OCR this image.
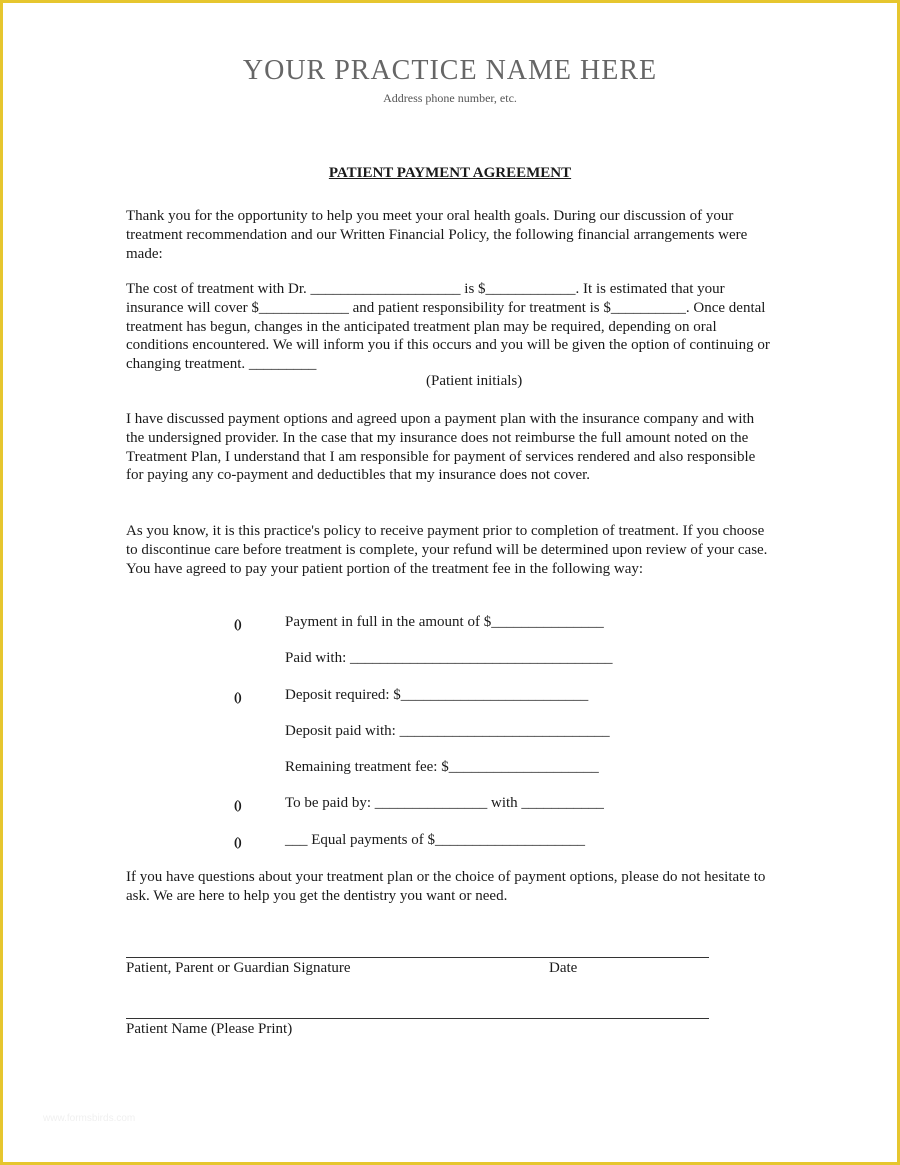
YOUR PRACTICE NAME HERE
Address phone number, etc.
PATIENT PAYMENT AGREEMENT

Thank you for the opportunity to help you meet your oral health goals. During our discussion of your treatment recommendation and our Written Financial Policy, the following financial arrangements were made:

The cost of treatment with Dr. ____________________ is $____________. It is estimated that your insurance will cover $____________ and patient responsibility for treatment is $__________. Once dental treatment has begun, changes in the anticipated treatment plan may be required, depending on oral conditions encountered. We will inform you if this occurs and you will be given the option of continuing or changing treatment. _________

(Patient initials)

I have discussed payment options and agreed upon a payment plan with the insurance company and with the undersigned provider. In the case that my insurance does not reimburse the full amount noted on the Treatment Plan, I understand that I am responsible for payment of services rendered and also responsible for paying any co-payment and deductibles that my insurance does not cover.

As you know, it is this practice's policy to receive payment prior to completion of treatment. If you choose to discontinue care before treatment is complete, your refund will be determined upon review of your case. You have agreed to pay your patient portion of the treatment fee in the following way:

()	Payment in full in the amount of $_______________
Paid with: ___________________________________
()	Deposit required: $_________________________
Deposit paid with: ____________________________
Remaining treatment fee: $____________________
()	To be paid by: _______________ with ___________
()	___ Equal payments of $____________________

If you have questions about your treatment plan or the choice of payment options, please do not hesitate to ask. We are here to help you get the dentistry you want or need.

Patient, Parent or Guardian Signature	Date
Patient Name (Please Print)
www.formsbirds.com
